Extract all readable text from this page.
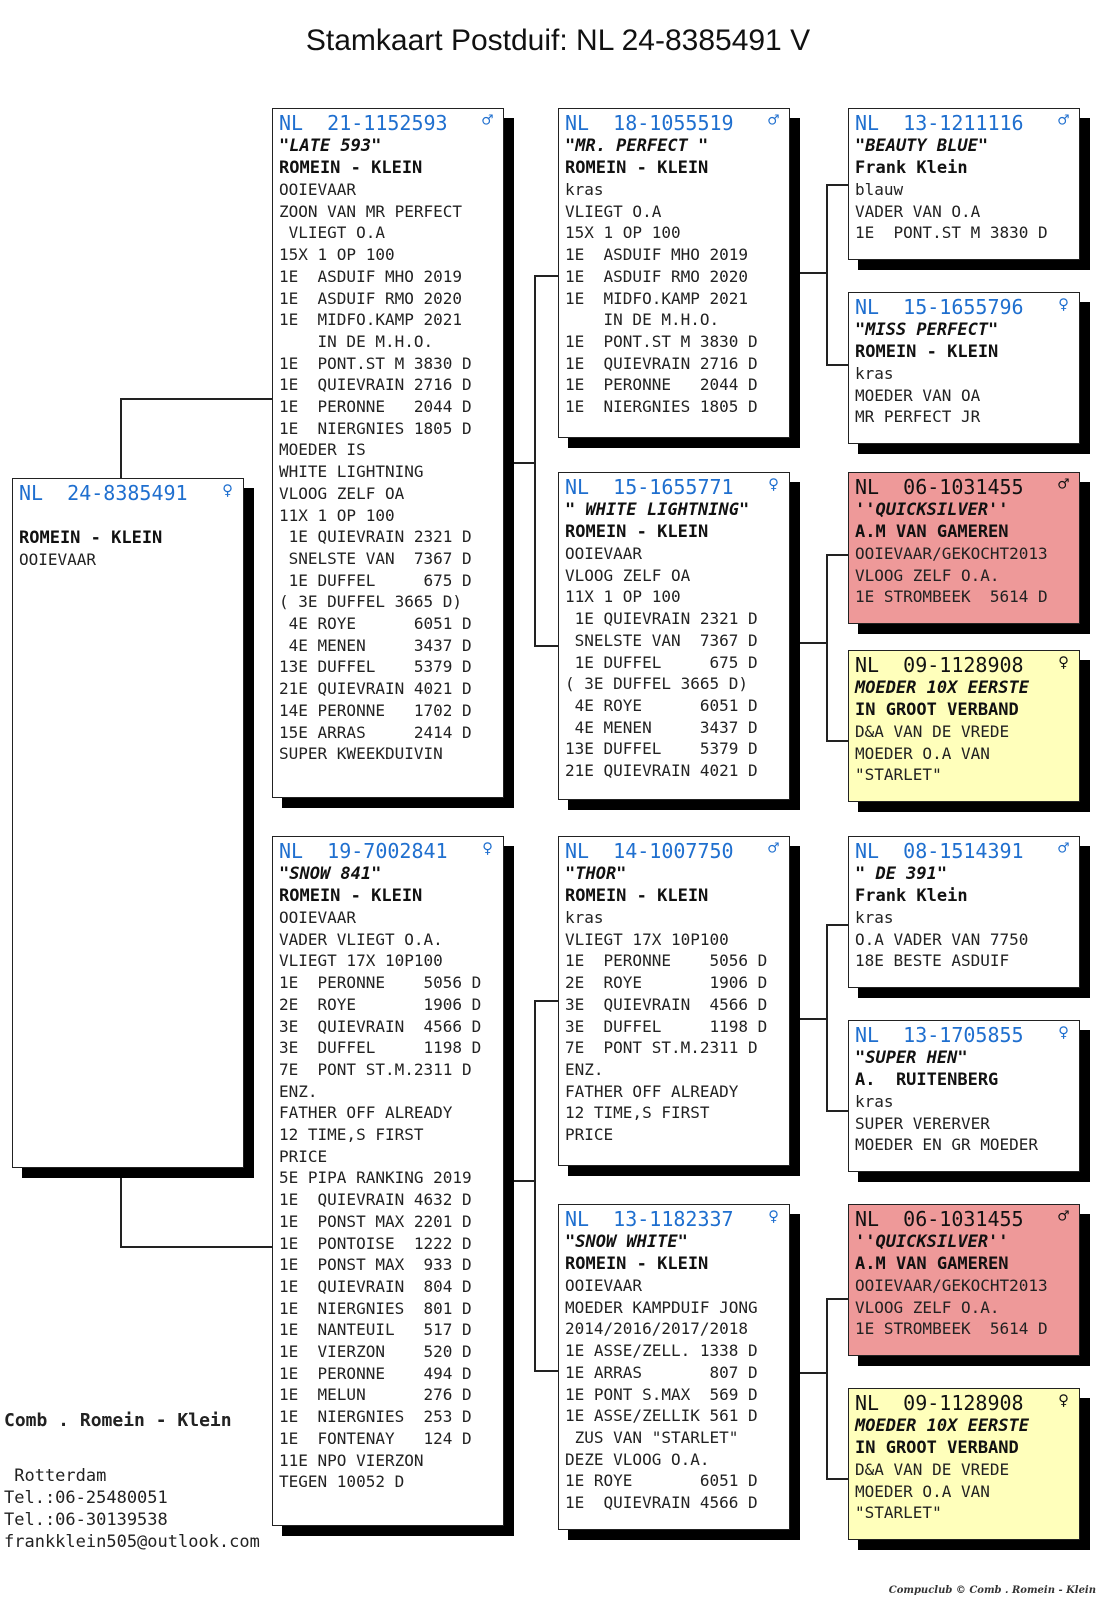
Stamkaart Postduif: NL 24-8385491 V
NL  24-8385491 ♀
ROMEIN - KLEIN
OOIEVAAR
NL  21-1152593 ♂
"LATE 593"
ROMEIN - KLEIN
OOIEVAAR
ZOON VAN MR PERFECT
VLIEGT O.A
15X 1 OP 100
1E  ASDUIF MHO 2019
1E  ASDUIF RMO 2020
1E  MIDFO.KAMP 2021
IN DE M.H.O.
1E  PONT.ST M 3830 D
1E  QUIEVRAIN 2716 D
1E  PERONNE   2044 D
1E  NIERGNIES 1805 D
MOEDER IS
WHITE LIGHTNING
VLOOG ZELF OA
11X 1 OP 100
1E QUIEVRAIN 2321 D
SNELSTE VAN  7367 D
1E DUFFEL     675 D
( 3E DUFFEL 3665 D)
4E ROYE      6051 D
4E MENEN     3437 D
13E DUFFEL    5379 D
21E QUIEVRAIN 4021 D
14E PERONNE   1702 D
15E ARRAS     2414 D
SUPER KWEEKDUIVIN
NL  19-7002841 ♀
"SNOW 841"
ROMEIN - KLEIN
OOIEVAAR
VADER VLIEGT O.A.
VLIEGT 17X 10P100
1E  PERONNE    5056 D
2E  ROYE       1906 D
3E  QUIEVRAIN  4566 D
3E  DUFFEL     1198 D
7E  PONT ST.M.2311 D
ENZ.
FATHER OFF ALREADY
12 TIME,S FIRST
PRICE
5E PIPA RANKING 2019
1E  QUIEVRAIN 4632 D
1E  PONST MAX 2201 D
1E  PONTOISE  1222 D
1E  PONST MAX  933 D
1E  QUIEVRAIN  804 D
1E  NIERGNIES  801 D
1E  NANTEUIL   517 D
1E  VIERZON    520 D
1E  PERONNE    494 D
1E  MELUN      276 D
1E  NIERGNIES  253 D
1E  FONTENAY   124 D
11E NPO VIERZON
TEGEN 10052 D
NL  18-1055519 ♂
"MR. PERFECT "
ROMEIN - KLEIN
kras
VLIEGT O.A
15X 1 OP 100
1E  ASDUIF MHO 2019
1E  ASDUIF RMO 2020
1E  MIDFO.KAMP 2021
IN DE M.H.O.
1E  PONT.ST M 3830 D
1E  QUIEVRAIN 2716 D
1E  PERONNE   2044 D
1E  NIERGNIES 1805 D
NL  15-1655771 ♀
" WHITE LIGHTNING"
ROMEIN - KLEIN
OOIEVAAR
VLOOG ZELF OA
11X 1 OP 100
1E QUIEVRAIN 2321 D
SNELSTE VAN  7367 D
1E DUFFEL     675 D
( 3E DUFFEL 3665 D)
4E ROYE      6051 D
4E MENEN     3437 D
13E DUFFEL    5379 D
21E QUIEVRAIN 4021 D
NL  14-1007750 ♂
"THOR"
ROMEIN - KLEIN
kras
VLIEGT 17X 10P100
1E  PERONNE    5056 D
2E  ROYE       1906 D
3E  QUIEVRAIN  4566 D
3E  DUFFEL     1198 D
7E  PONT ST.M.2311 D
ENZ.
FATHER OFF ALREADY
12 TIME,S FIRST
PRICE
NL  13-1182337 ♀
"SNOW WHITE"
ROMEIN - KLEIN
OOIEVAAR
MOEDER KAMPDUIF JONG
2014/2016/2017/2018
1E ASSE/ZELL. 1338 D
1E ARRAS       807 D
1E PONT S.MAX  569 D
1E ASSE/ZELLIK 561 D
ZUS VAN "STARLET"
DEZE VLOOG O.A.
1E ROYE       6051 D
1E  QUIEVRAIN 4566 D
NL  13-1211116 ♂
"BEAUTY BLUE"
Frank Klein
blauw
VADER VAN O.A
1E  PONT.ST M 3830 D
NL  15-1655796 ♀
"MISS PERFECT"
ROMEIN - KLEIN
kras
MOEDER VAN OA
MR PERFECT JR
NL  06-1031455 ♂
''QUICKSILVER''
A.M VAN GAMEREN
OOIEVAAR/GEKOCHT2013
VLOOG ZELF O.A.
1E STROMBEEK  5614 D
NL  09-1128908 ♀
MOEDER 10X EERSTE
IN GROOT VERBAND
D&A VAN DE VREDE
MOEDER O.A VAN
"STARLET"
NL  08-1514391 ♂
" DE 391"
Frank Klein
kras
O.A VADER VAN 7750
18E BESTE ASDUIF
NL  13-1705855 ♀
"SUPER HEN"
A.  RUITENBERG
kras
SUPER VERERVER
MOEDER EN GR MOEDER
NL  06-1031455 ♂
''QUICKSILVER''
A.M VAN GAMEREN
OOIEVAAR/GEKOCHT2013
VLOOG ZELF O.A.
1E STROMBEEK  5614 D
NL  09-1128908 ♀
MOEDER 10X EERSTE
IN GROOT VERBAND
D&A VAN DE VREDE
MOEDER O.A VAN
"STARLET"
Comb . Romein - Klein
Rotterdam
Tel.:06-25480051
Tel.:06-30139538
frankklein505@outlook.com
Compuclub © Comb . Romein - Klein
